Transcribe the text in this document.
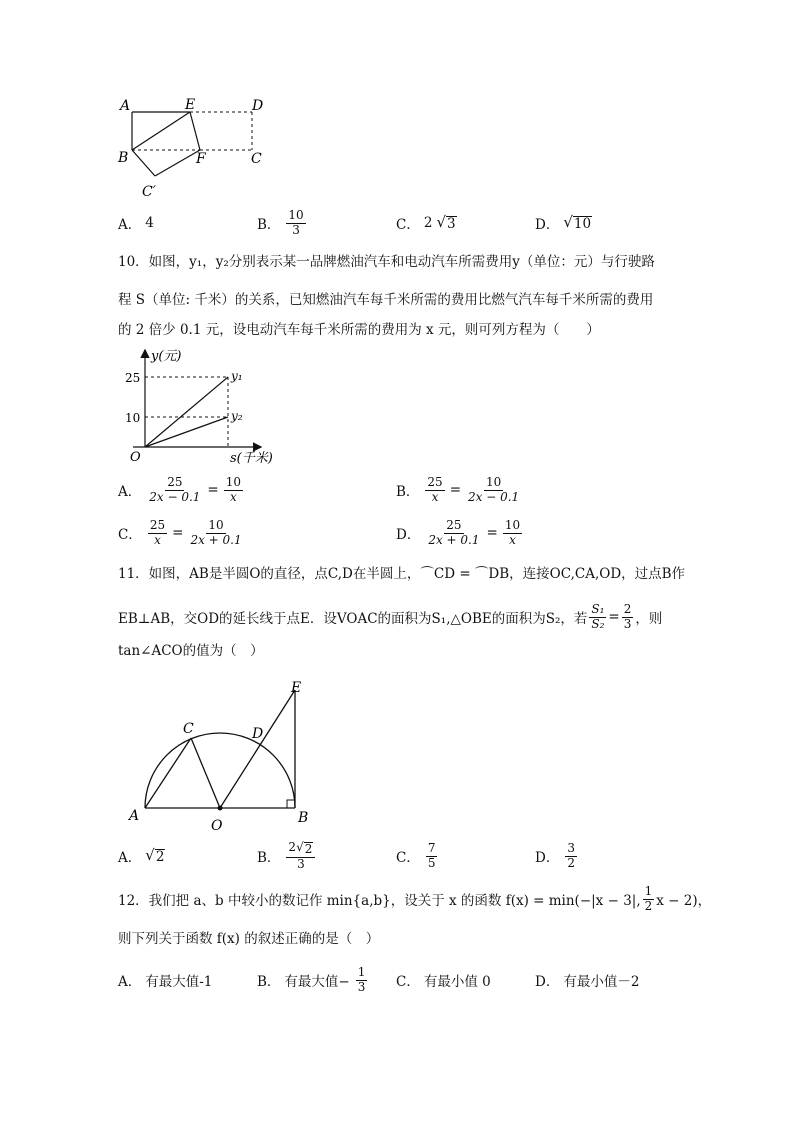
A	E	D
B	F	C
C′
A． 4	B． $\frac{10}{3}$	C． 2 √ 3	D． √ 10
10．如图，y₁，y₂分别表示某一品牌燃油汽车和电动汽车所需费用y（单位：元）与行驶路
程 S（单位: 千米）的关系，已知燃油汽车每千米所需的费用比燃气汽车每千米所需的费用
的 2 倍少 0.1 元，设电动汽车每千米所需的费用为 x 元，则可列方程为（　　）
y(元)
s(千米)
O
25
10
y₁
y₂
A． $\frac{25}{2x - 0.1} = \frac{10}{x}$	B． $\frac{25}{x} = \frac{10}{2x - 0.1}$
C． $\frac{25}{x} = \frac{10}{2x + 0.1}$	D． $\frac{25}{2x + 0.1} = \frac{10}{x}$
11．如图，AB是半圆O的直径，点C,D在半圆上，⌒CD = ⌒DB，连接OC,CA,OD，过点B作
EB⊥AB，交OD的延长线于点E．设VOAC的面积为S₁,△OBE的面积为S₂，若 $\frac{\text{S₁}}{\text{S₂}} = \frac{2}{3}$ ，则
tan∠ACO的值为（　）
A
O	B
C	D
E
A． √ 2	B． $\frac{2 √ 2}{3}$	C． $\frac{7}{5}$	D． $\frac{3}{2}$
12．我们把 a、b 中较小的数记作 min{a,b}，设关于 x 的函数 f(x) = min(−|x − 3|, $\frac{1}{2}$ x − 2)，
则下列关于函数 f(x) 的叙述正确的是（　）
A． 有最大值-1	B． 有最大值− $\frac{1}{3}$ C． 有最小值 0	D． 有最小值－2
